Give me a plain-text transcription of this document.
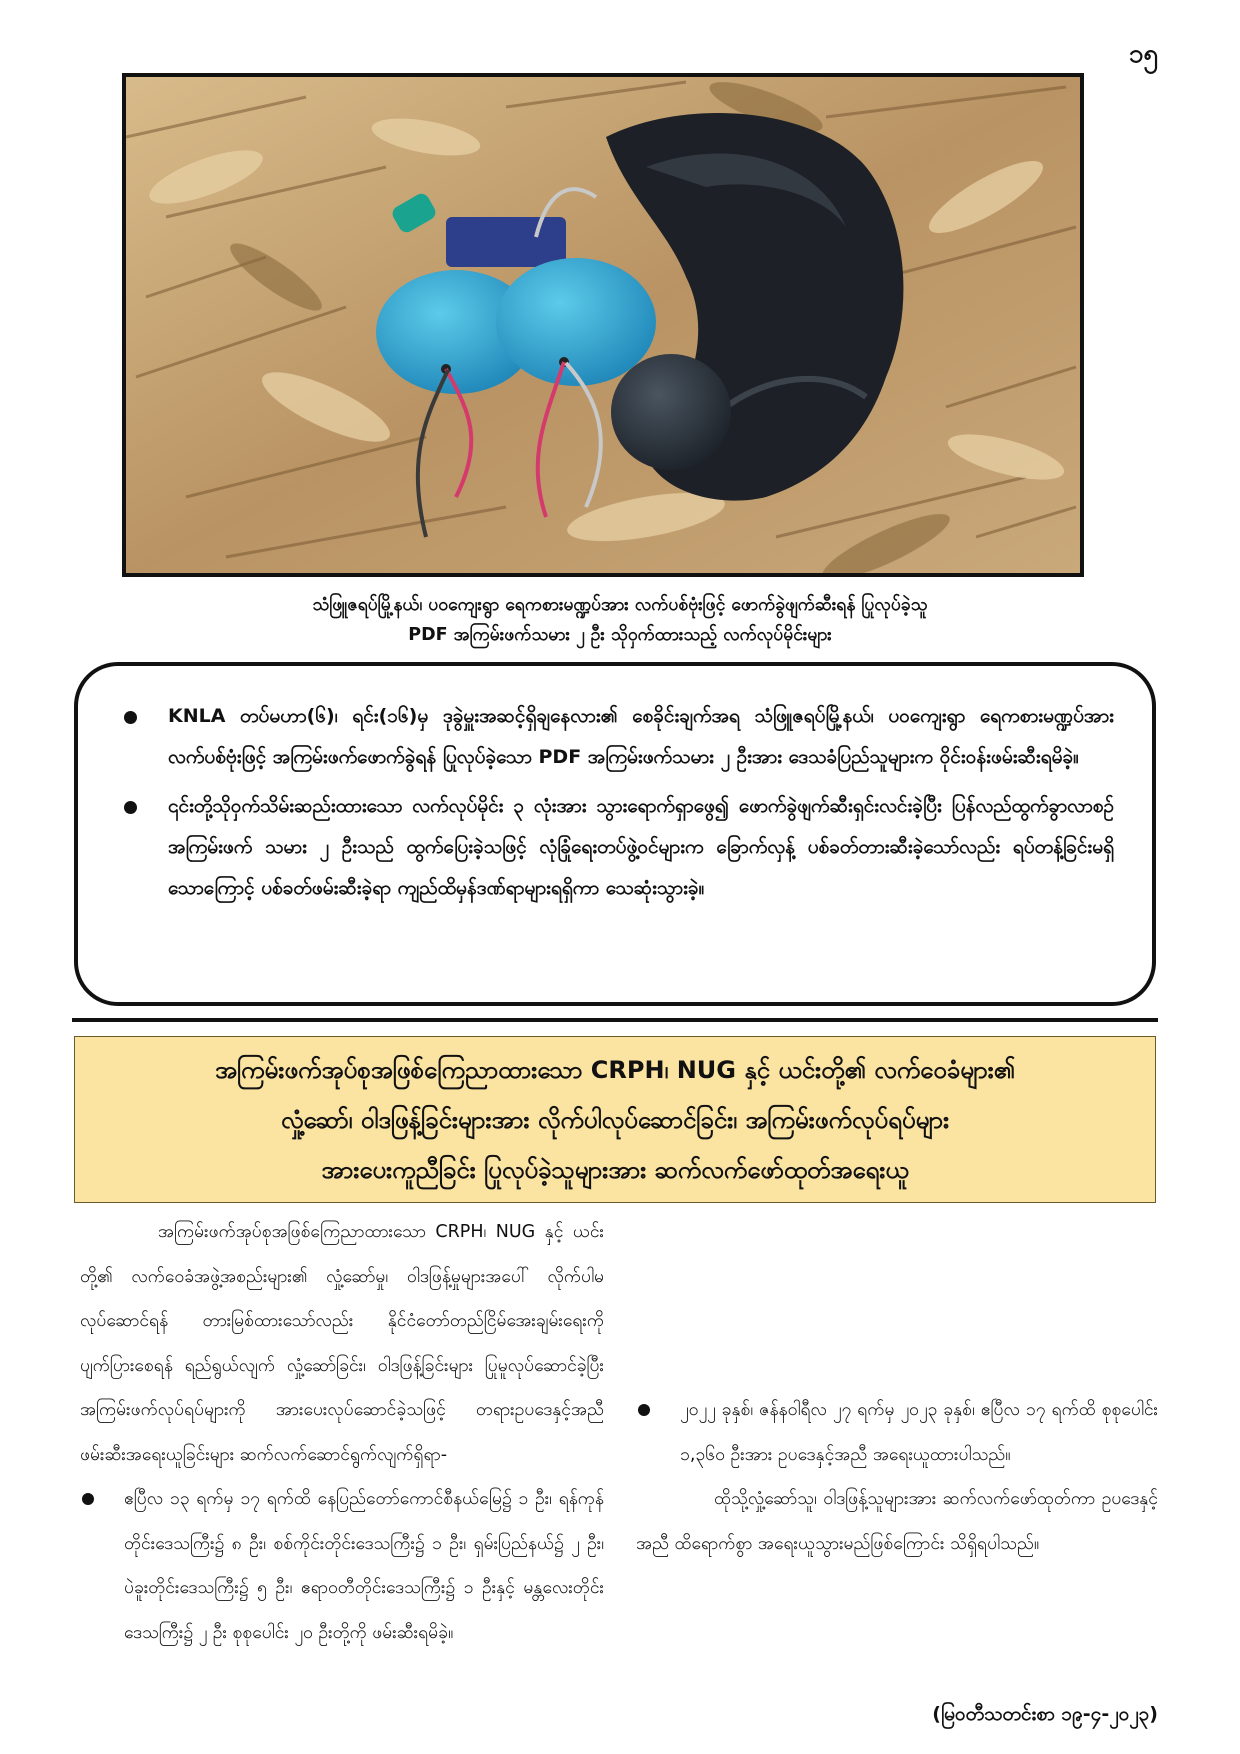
၁၅
သံဖြူဇရပ်မြို့နယ်၊ ပဝကျေးရွာ ရေကစားမဏ္ဍပ်အား လက်ပစ်ဗုံးဖြင့် ဖောက်ခွဲဖျက်ဆီးရန် ပြုလုပ်ခဲ့သူ
PDF အကြမ်းဖက်သမား ၂ ဦး သိုဝှက်ထားသည့် လက်လုပ်မိုင်းများ
KNLA တပ်မဟာ(၆)၊ ရင်း(၁၆)မှ ဒုခွဲမှူးအဆင့်ရှိချနေလား၏ စေခိုင်းချက်အရ သံဖြူဇရပ်မြို့နယ်၊ ပဝကျေးရွာ ရေကစားမဏ္ဍပ်အား လက်ပစ်ဗုံးဖြင့် အကြမ်းဖက်ဖောက်ခွဲရန် ပြုလုပ်ခဲ့သော PDF အကြမ်းဖက်သမား ၂ ဦးအား ဒေသခံပြည်သူများက ဝိုင်းဝန်းဖမ်းဆီးရမိခဲ့။
၎င်းတို့သိုဝှက်သိမ်းဆည်းထားသော လက်လုပ်မိုင်း ၃ လုံးအား သွားရောက်ရှာဖွေ၍ ဖောက်ခွဲဖျက်ဆီးရှင်းလင်းခဲ့ပြီး ပြန်လည်ထွက်ခွာလာစဉ် အကြမ်းဖက် သမား ၂ ဦးသည် ထွက်ပြေးခဲ့သဖြင့် လုံခြုံရေးတပ်ဖွဲ့ဝင်များက ခြောက်လှန့် ပစ်ခတ်တားဆီးခဲ့သော်လည်း ရပ်တန့်ခြင်းမရှိသောကြောင့် ပစ်ခတ်ဖမ်းဆီးခဲ့ရာ ကျည်ထိမှန်ဒဏ်ရာများရရှိကာ သေဆုံးသွားခဲ့။
အကြမ်းဖက်အုပ်စုအဖြစ်ကြေညာထားသော CRPH၊ NUG နှင့် ယင်းတို့၏ လက်ဝေခံများ၏
လှုံ့ဆော်၊ ဝါဒဖြန့်ခြင်းများအား လိုက်ပါလုပ်ဆောင်ခြင်း၊ အကြမ်းဖက်လုပ်ရပ်များ
အားပေးကူညီခြင်း ပြုလုပ်ခဲ့သူများအား ဆက်လက်ဖော်ထုတ်အရေးယူ

အကြမ်းဖက်အုပ်စုအဖြစ်ကြေညာထားသော CRPH၊ NUG နှင့် ယင်းတို့၏ လက်ဝေခံအဖွဲ့အစည်းများ၏ လှုံ့ဆော်မှု၊ ဝါဒဖြန့်မှုများအပေါ် လိုက်ပါမလုပ်ဆောင်ရန် တားမြစ်ထားသော်လည်း နိုင်ငံတော်တည်ငြိမ်အေးချမ်းရေးကို ပျက်ပြားစေရန် ရည်ရွယ်လျက် လှုံ့ဆော်ခြင်း၊ ဝါဒဖြန့်ခြင်းများ ပြုမူလုပ်ဆောင်ခဲ့ပြီး အကြမ်းဖက်လုပ်ရပ်များကို အားပေးလုပ်ဆောင်ခဲ့သဖြင့် တရားဥပဒေနှင့်အညီ ဖမ်းဆီးအရေးယူခြင်းများ ဆက်လက်ဆောင်ရွက်လျက်ရှိရာ-

ဧပြီလ ၁၃ ရက်မှ ၁၇ ရက်ထိ နေပြည်တော်ကောင်စီနယ်မြေ၌ ၁ ဦး၊ ရန်ကုန် တိုင်းဒေသကြီး၌ ၈ ဦး၊ စစ်ကိုင်းတိုင်းဒေသကြီး၌ ၁ ဦး၊ ရှမ်းပြည်နယ်၌ ၂ ဦး၊ ပဲခူးတိုင်းဒေသကြီး၌ ၅ ဦး၊ ဧရာဝတီတိုင်းဒေသကြီး၌ ၁ ဦးနှင့် မန္တလေးတိုင်းဒေသကြီး၌ ၂ ဦး စုစုပေါင်း ၂၀ ဦးတို့ကို ဖမ်းဆီးရမိခဲ့။
၂၀၂၂ ခုနှစ်၊ ဇန်နဝါရီလ ၂၇ ရက်မှ ၂၀၂၃ ခုနှစ်၊ ဧပြီလ ၁၇ ရက်ထိ စုစုပေါင်း ၁,၃၆၀ ဦးအား ဥပဒေနှင့်အညီ အရေးယူထားပါသည်။

ထိုသို့လှုံ့ဆော်သူ၊ ဝါဒဖြန့်သူများအား ဆက်လက်ဖော်ထုတ်ကာ ဥပဒေနှင့်အညီ ထိရောက်စွာ အရေးယူသွားမည်ဖြစ်ကြောင်း သိရှိရပါသည်။

(မြဝတီသတင်းစာ ၁၉-၄-၂၀၂၃)
